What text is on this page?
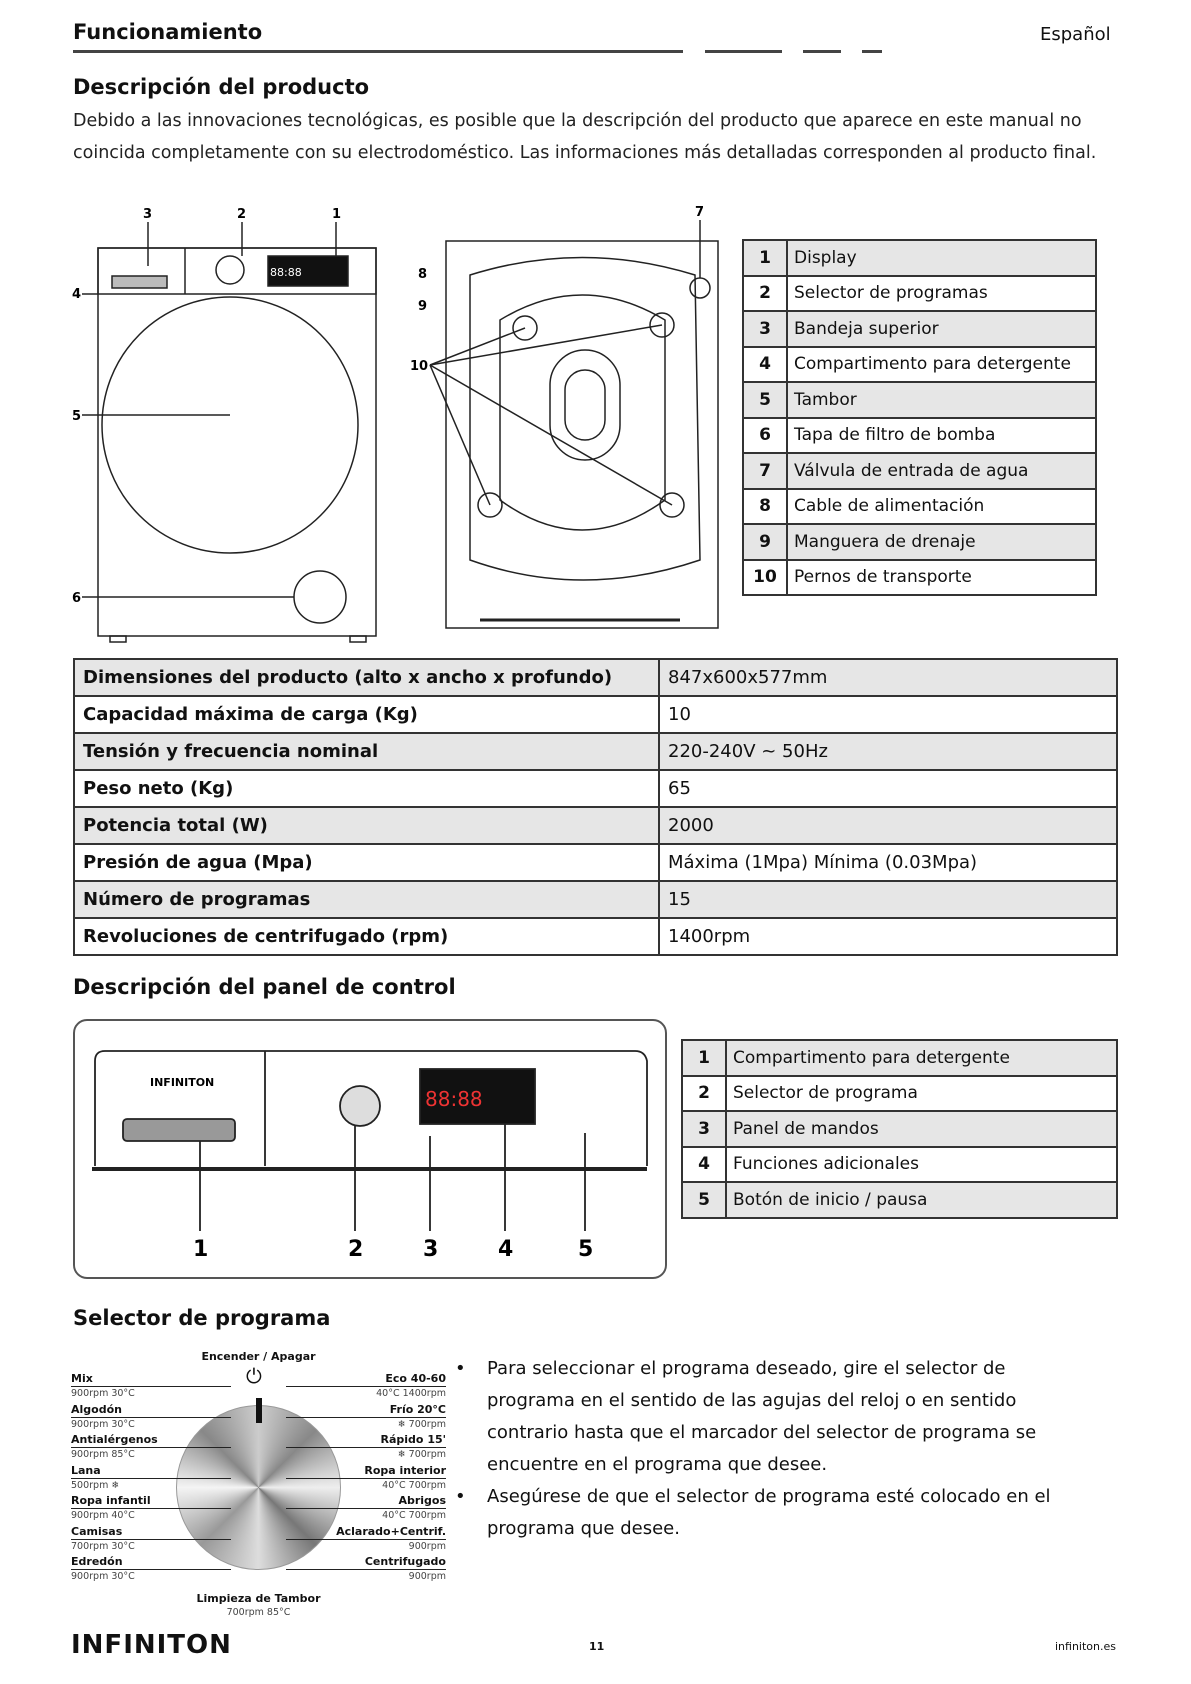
Funcionamiento	Español
Descripción del producto
Debido a las innovaciones tecnológicas, es posible que la descripción del producto que aparece en este manual no coincida completamente con su electrodoméstico. Las informaciones más detalladas corresponden al producto final.
88:88
3	2	1
4
5
6
10
8
9
7
1	Display
2	Selector de programas
3	Bandeja superior
4	Compartimento para detergente
5	Tambor
6	Tapa de filtro de bomba
7	Válvula de entrada de agua
8	Cable de alimentación
9	Manguera de drenaje
10	Pernos de transporte
Dimensiones del producto (alto x ancho x profundo)	847x600x577mm
Capacidad máxima de carga (Kg)	10
Tensión y frecuencia nominal	220-240V ~ 50Hz
Peso neto (Kg)	65
Potencia total (W)	2000
Presión de agua (Mpa)	Máxima (1Mpa) Mínima (0.03Mpa)
Número de programas	15
Revoluciones de centrifugado (rpm)	1400rpm
Descripción del panel de control
88:88
INFINITON
1	2	3	4	5
1	Compartimento para detergente
2	Selector de programa
3	Panel de mandos
4	Funciones adicionales
5	Botón de inicio / pausa
Selector de programa
Encender / Apagar
⏻
Mix
900rpm 30°C
Algodón
900rpm 30°C
Antialérgenos
900rpm 85°C
Lana
500rpm ❄
Ropa infantil
900rpm 40°C
Camisas
700rpm 30°C
Edredón
900rpm 30°C
Eco 40-60
40°C 1400rpm
Frío 20°C
❄ 700rpm
Rápido 15'
❄ 700rpm
Ropa interior
40°C 700rpm
Abrigos
40°C 700rpm
Aclarado+Centrif.
900rpm
Centrifugado
900rpm
Limpieza de Tambor
700rpm 85°C
• Para seleccionar el programa deseado, gire el selector de programa en el sentido de las agujas del reloj o en sentido contrario hasta que el marcador del selector de programa se encuentre en el programa que desee.
• Asegúrese de que el selector de programa esté colocado en el programa que desee.
INFINITON	11	infiniton.es
